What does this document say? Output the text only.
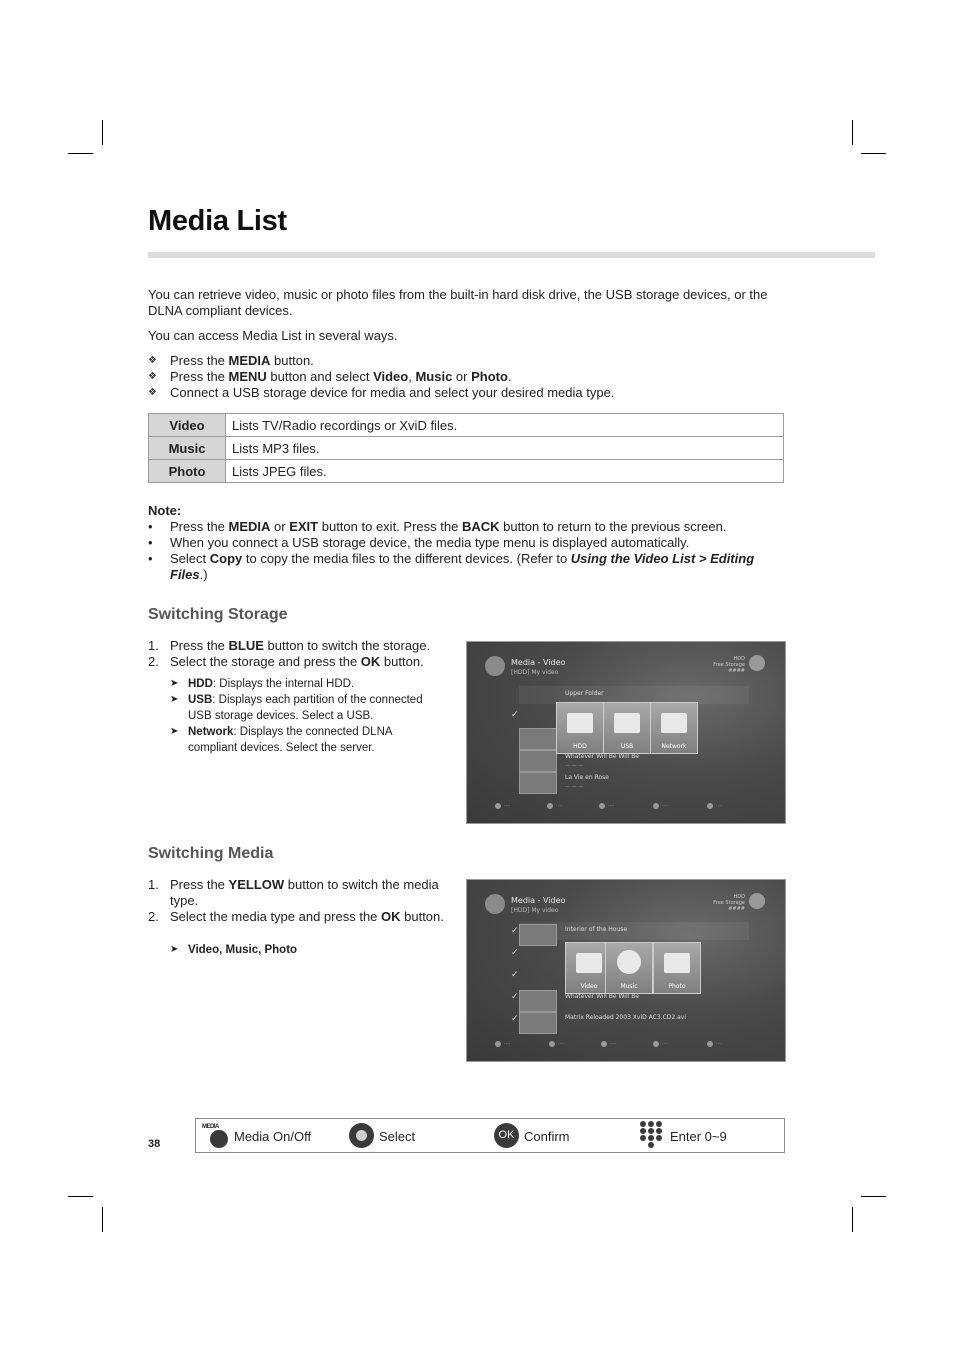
Media List

You can retrieve video, music or photo files from the built-in hard disk drive, the USB storage devices, or the DLNA compliant devices.

You can access Media List in several ways.

❖ Press the MEDIA button.
❖ Press the MENU button and select Video, Music or Photo.
❖ Connect a USB storage device for media and select your desired media type.
Video	Lists TV/Radio recordings or XviD files.
Music	Lists MP3 files.
Photo	Lists JPEG files.
Note:
• Press the MEDIA or EXIT button to exit. Press the BACK button to return to the previous screen.
• When you connect a USB storage device, the media type menu is displayed automatically.
• Select Copy to copy the media files to the different devices. (Refer to Using the Video List > Editing Files.)
Switching Storage
1. Press the BLUE button to switch the storage.
2. Select the storage and press the OK button.
➤ HDD: Displays the internal HDD.
➤ USB: Displays each partition of the connected USB storage devices. Select a USB.
➤ Network: Displays the connected DLNA compliant devices. Select the server.
Media - Video
[HDD] My video
HDD
Free Storage
####
Upper Folder
✓
HDD	USB	Network
Whatever Will Be Will Be
— — —
La Vie en Rose
— — —
····	····	····	····	····
Switching Media
1. Press the YELLOW button to switch the media type.
2. Select the media type and press the OK button.
➤ Video, Music, Photo
Media - Video
[HDD] My video
HDD
Free Storage
####
✓
✓
✓
✓
✓
Interior of the House
Video	Music	Photo
Whatever Will Be Will Be
Matrix Reloaded 2003 XviD AC3.CD2.avi
····	····	····	····	····
38
MEDIA
Media On/Off	Select	OK Confirm	Enter 0~9
